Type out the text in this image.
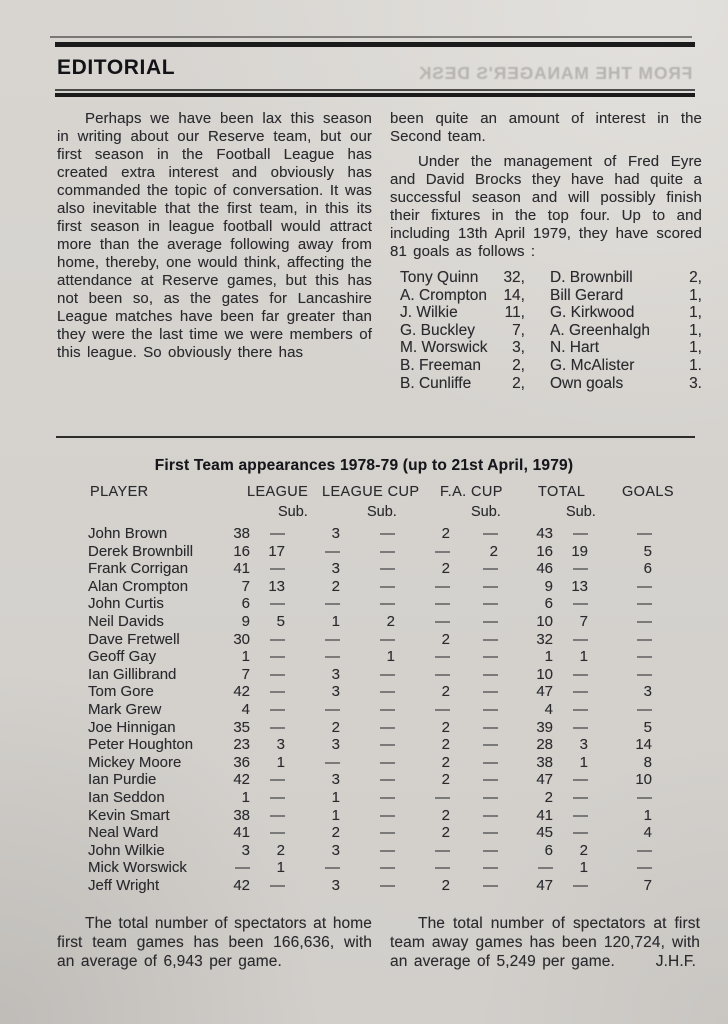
EDITORIAL	FROM THE MANAGER'S DESK

Perhaps we have been lax this season in writing about our Reserve team, but our first season in the Football League has created extra interest and obviously has commanded the topic of conversation. It was also inevitable that the first team, in this its first season in league football would attract more than the average following away from home, thereby, one would think, affecting the attendance at Reserve games, but this has not been so, as the gates for Lancashire League matches have been far greater than they were the last time we were members of this league. So obviously there has

been quite an amount of interest in the Second team.

Under the management of Fred Eyre and David Brocks they have had quite a successful season and will possibly finish their fixtures in the top four. Up to and including 13th April 1979, they have scored 81 goals as follows :

Tony Quinn	32, D. Brownbill	2,
A. Crompton	14, Bill Gerard	1,
J. Wilkie	11, G. Kirkwood	1,
G. Buckley	7, A. Greenhalgh	1,
M. Worswick	3, N. Hart	1,
B. Freeman	2, G. McAlister	1.
B. Cunliffe	2, Own goals	3.
First Team appearances 1978-79 (up to 21st April, 1979)
PLAYER	LEAGUE LEAGUE CUP F.A. CUP TOTAL	GOALS
Sub.	Sub.	Sub.	Sub.
John Brown	38	—	3	—	2	—	43	—	—
Derek Brownbill	16	17	—	—	—	2	16	19	5
Frank Corrigan	41	—	3	—	2	—	46	—	6
Alan Crompton	7	13	2	—	—	—	9	13	—
John Curtis	6	—	—	—	—	—	6	—	—
Neil Davids	9	5	1	2	—	—	10	7	—
Dave Fretwell	30	—	—	—	2	—	32	—	—
Geoff Gay	1	—	—	1	—	—	1	1	—
Ian Gillibrand	7	—	3	—	—	—	10	—	—
Tom Gore	42	—	3	—	2	—	47	—	3
Mark Grew	4	—	—	—	—	—	4	—	—
Joe Hinnigan	35	—	2	—	2	—	39	—	5
Peter Houghton	23	3	3	—	2	—	28	3	14
Mickey Moore	36	1	—	—	2	—	38	1	8
Ian Purdie	42	—	3	—	2	—	47	—	10
Ian Seddon	1	—	1	—	—	—	2	—	—
Kevin Smart	38	—	1	—	2	—	41	—	1
Neal Ward	41	—	2	—	2	—	45	—	4
John Wilkie	3	2	3	—	—	—	6	2	—
Mick Worswick	—	1	—	—	—	—	—	1	—
Jeff Wright	42	—	3	—	2	—	47	—	7

The total number of spectators at home first team games has been 166,636, with an average of 6,943 per game.

The total number of spectators at first team away games has been 120,724, with an average of 5,249 per game.	J.H.F.
